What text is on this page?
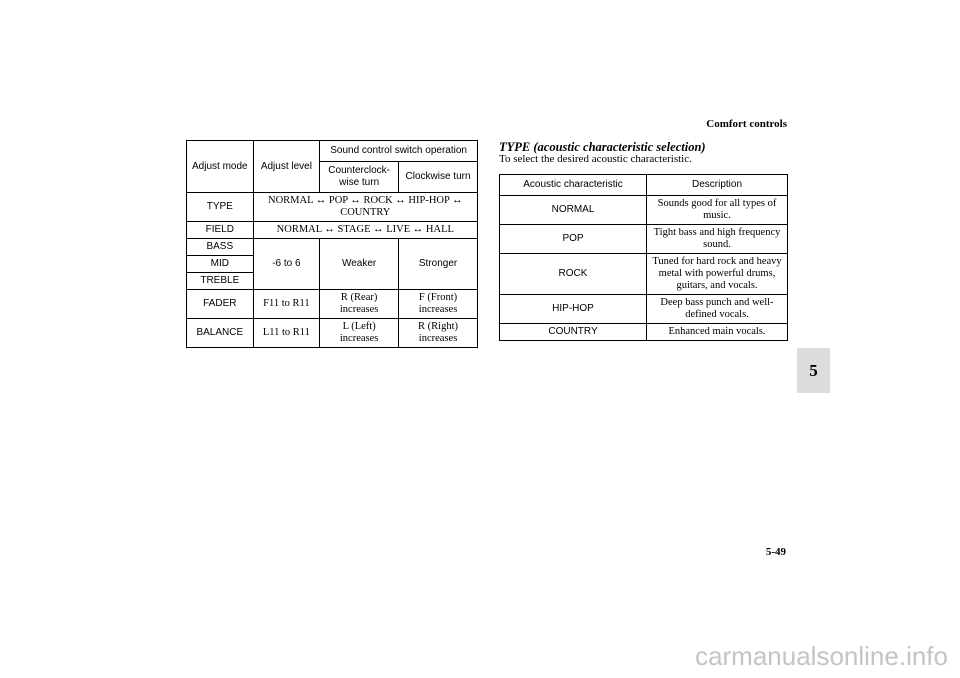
Comfort controls
Adjust mode	Adjust level	Sound control switch operation	
		Counterclock-wise turn	Clockwise turn
TYPE	NORMAL ↔ POP ↔ ROCK ↔ HIP-HOP ↔ COUNTRY		
FIELD	NORMAL ↔ STAGE ↔ LIVE ↔ HALL		
BASS	-6 to 6	Weaker	Stronger
MID			
TREBLE			
FADER	F11 to R11	R (Rear) increases	F (Front) increases
BALANCE	L11 to R11	L (Left) increases	R (Right) increases
TYPE (acoustic characteristic selection)
To select the desired acoustic characteristic.
Acoustic characteristic	Description
NORMAL	Sounds good for all types of music.
POP	Tight bass and high frequency sound.
ROCK	Tuned for hard rock and heavy metal with powerful drums, guitars, and vocals.
HIP-HOP	Deep bass punch and well-defined vocals.
COUNTRY	Enhanced main vocals.
5
5-49
carmanualsonline.info
